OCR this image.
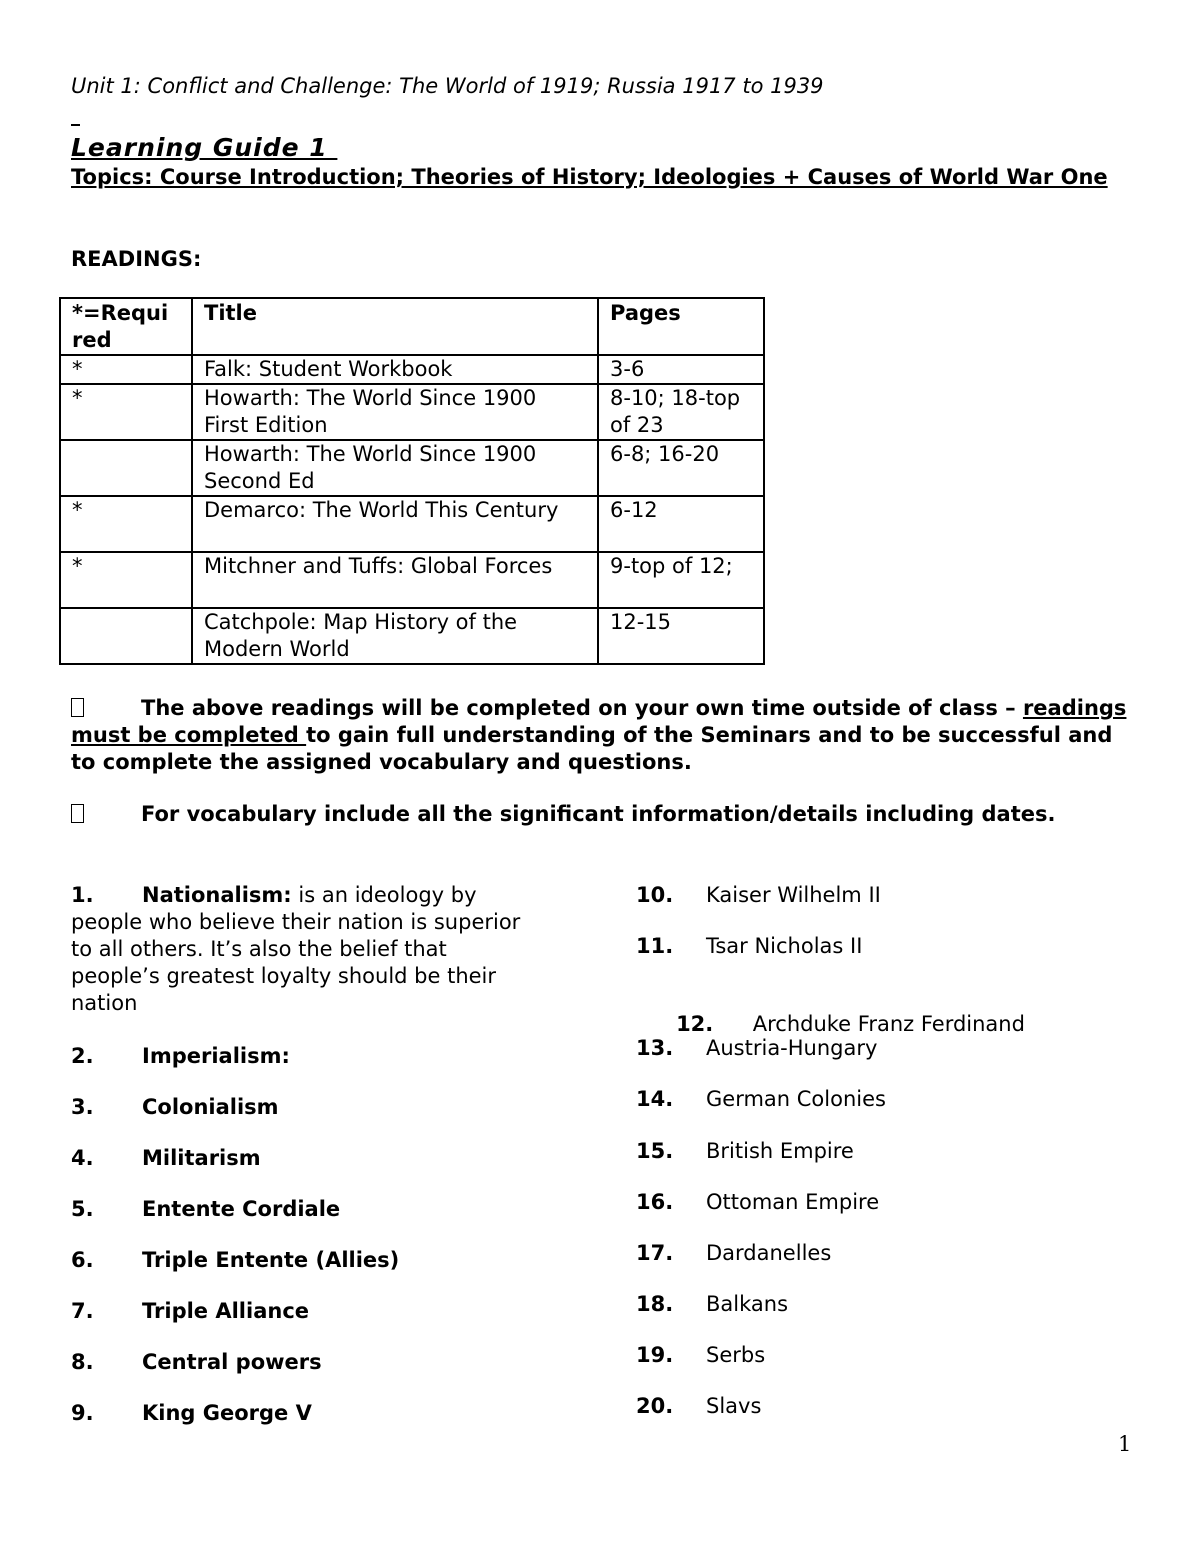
Unit 1: Conflict and Challenge: The World of 1919; Russia 1917 to 1939
Learning Guide 1
Topics: Course Introduction; Theories of History; Ideologies + Causes of World War One
READINGS:
*=Requi
red	Title	Pages
*	Falk: Student Workbook	3-6
*	Howarth: The World Since 1900 First Edition	8-10; 18-top of 23
	Howarth: The World Since 1900 Second Ed	6-8; 16-20
*	Demarco: The World This Century	6-12
*	Mitchner and Tuffs: Global Forces	9-top of 12;
	Catchpole: Map History of the Modern World	12-15
The above readings will be completed on your own time outside of class – readings must be completed to gain full understanding of the Seminars and to be successful and to complete the assigned vocabulary and questions.
For vocabulary include all the significant information/details including dates.
1. Nationalism: is an ideology by people who believe their nation is superior to all others. It’s also the belief that people’s greatest loyalty should be their nation
2. Imperialism:
3. Colonialism
4. Militarism
5. Entente Cordiale
6. Triple Entente (Allies)
7. Triple Alliance
8. Central powers
9. King George V
10. Kaiser Wilhelm II
11. Tsar Nicholas II

12. Archduke Franz Ferdinand

13. Austria-Hungary
14. German Colonies
15. British Empire
16. Ottoman Empire
17. Dardanelles
18. Balkans
19. Serbs
20. Slavs
1
